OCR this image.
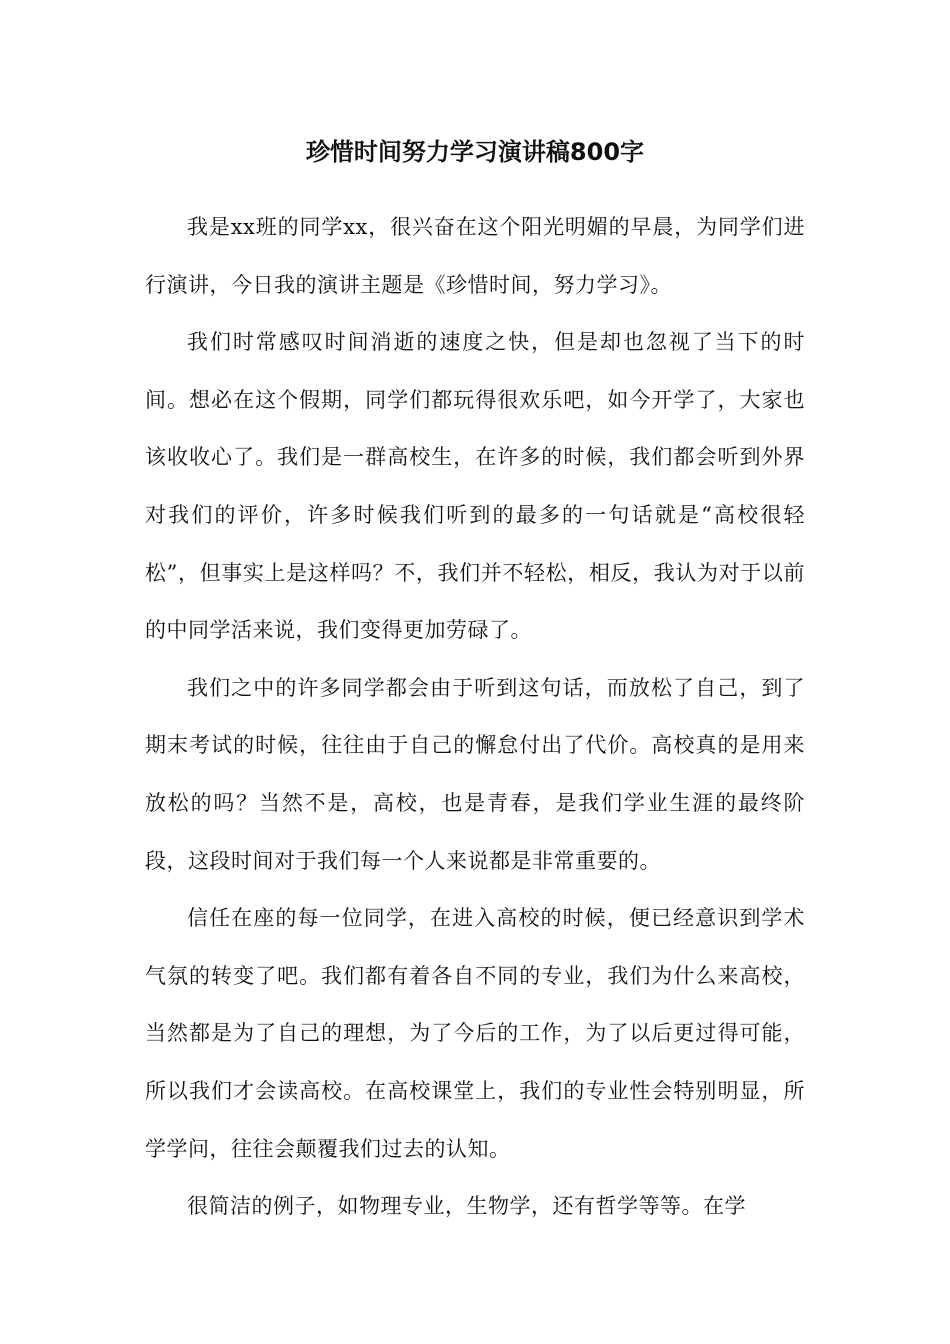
珍惜时间努力学习演讲稿800字

我是xx班的同学xx，很兴奋在这个阳光明媚的早晨，为同学们进行演讲，今日我的演讲主题是《珍惜时间，努力学习》。

我们时常感叹时间消逝的速度之快，但是却也忽视了当下的时间。想必在这个假期，同学们都玩得很欢乐吧，如今开学了，大家也该收收心了。我们是一群高校生，在许多的时候，我们都会听到外界对我们的评价，许多时候我们听到的最多的一句话就是“高校很轻松”，但事实上是这样吗？不，我们并不轻松，相反，我认为对于以前的中同学活来说，我们变得更加劳碌了。

我们之中的许多同学都会由于听到这句话，而放松了自己，到了期末考试的时候，往往由于自己的懈怠付出了代价。高校真的是用来放松的吗？当然不是，高校，也是青春，是我们学业生涯的最终阶段，这段时间对于我们每一个人来说都是非常重要的。

信任在座的每一位同学，在进入高校的时候，便已经意识到学术气氛的转变了吧。我们都有着各自不同的专业，我们为什么来高校，当然都是为了自己的理想，为了今后的工作，为了以后更过得可能，所以我们才会读高校。在高校课堂上，我们的专业性会特别明显，所学学问，往往会颠覆我们过去的认知。

很简洁的例子，如物理专业，生物学，还有哲学等等。在学
